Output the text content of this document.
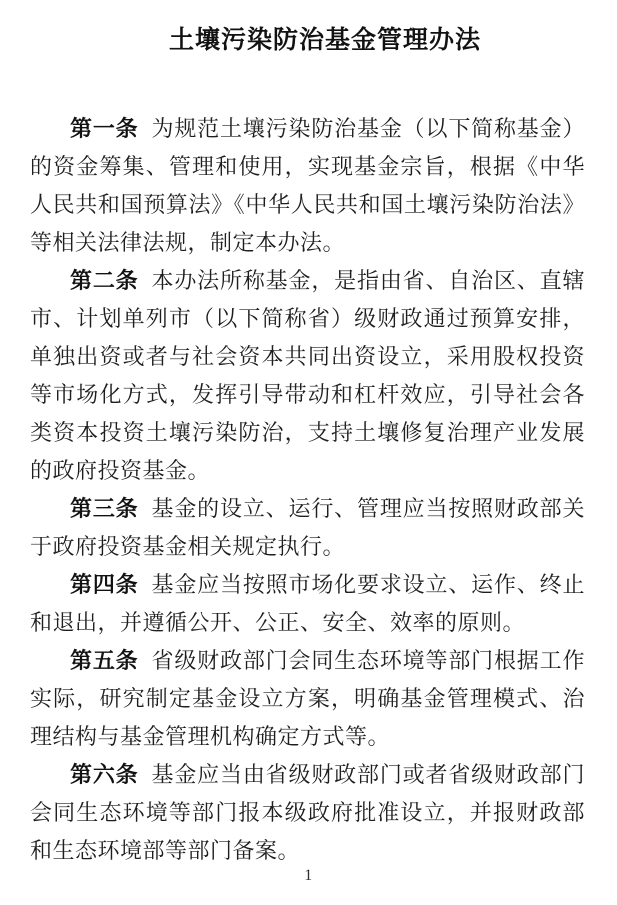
土壤污染防治基金管理办法

第一条 为规范土壤污染防治基金（以下简称基金）的资金筹集、管理和使用，实现基金宗旨，根据《中华人民共和国预算法》《中华人民共和国土壤污染防治法》等相关法律法规，制定本办法。

第二条 本办法所称基金，是指由省、自治区、直辖市、计划单列市（以下简称省）级财政通过预算安排，单独出资或者与社会资本共同出资设立，采用股权投资等市场化方式，发挥引导带动和杠杆效应，引导社会各类资本投资土壤污染防治，支持土壤修复治理产业发展的政府投资基金。

第三条 基金的设立、运行、管理应当按照财政部关于政府投资基金相关规定执行。

第四条 基金应当按照市场化要求设立、运作、终止和退出，并遵循公开、公正、安全、效率的原则。

第五条 省级财政部门会同生态环境等部门根据工作实际，研究制定基金设立方案，明确基金管理模式、治理结构与基金管理机构确定方式等。

第六条 基金应当由省级财政部门或者省级财政部门会同生态环境等部门报本级政府批准设立，并报财政部和生态环境部等部门备案。

1
